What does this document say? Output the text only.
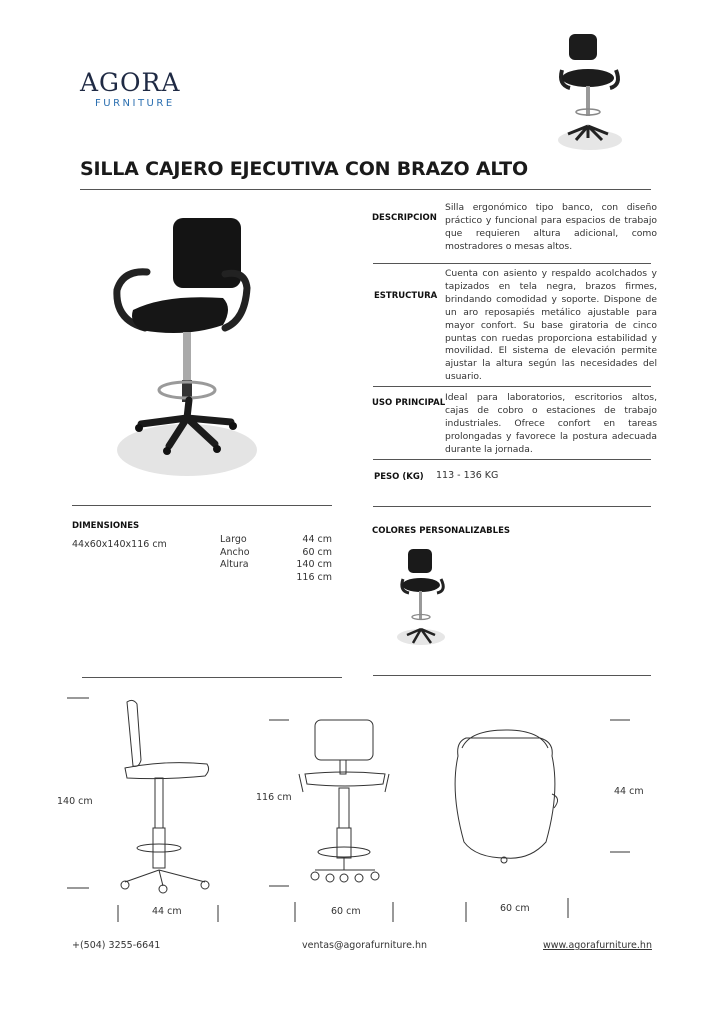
AGORA
FURNITURE
SILLA CAJERO EJECUTIVA CON BRAZO ALTO
DESCRIPCION
Silla ergonómico tipo banco, con diseño práctico y funcional para espacios de trabajo que requieren altura adicional, como mostradores o mesas altos.
ESTRUCTURA
Cuenta con asiento y respaldo acolchados y tapizados en tela negra, brazos firmes, brindando comodidad y soporte. Dispone de un aro reposapiés metálico ajustable para mayor confort. Su base giratoria de cinco puntas con ruedas proporciona estabilidad y movilidad. El sistema de elevación permite ajustar la altura según las necesidades del usuario.
USO PRINCIPAL Ideal para laboratorios, escritorios altos, cajas de cobro o estaciones de trabajo industriales. Ofrece confort en tareas prolongadas y favorece la postura adecuada durante la jornada.
PESO (KG) 113 - 136 KG
DIMENSIONES
44x60x140x116 cm	Largo	44 cm
Ancho	60 cm
Altura	140 cm
116 cm
COLORES PERSONALIZABLES
140 cm
44 cm
116 cm
60 cm
44 cm
60 cm
+(504) 3255-6641	ventas@agorafurniture.hn	www.agorafurniture.hn
